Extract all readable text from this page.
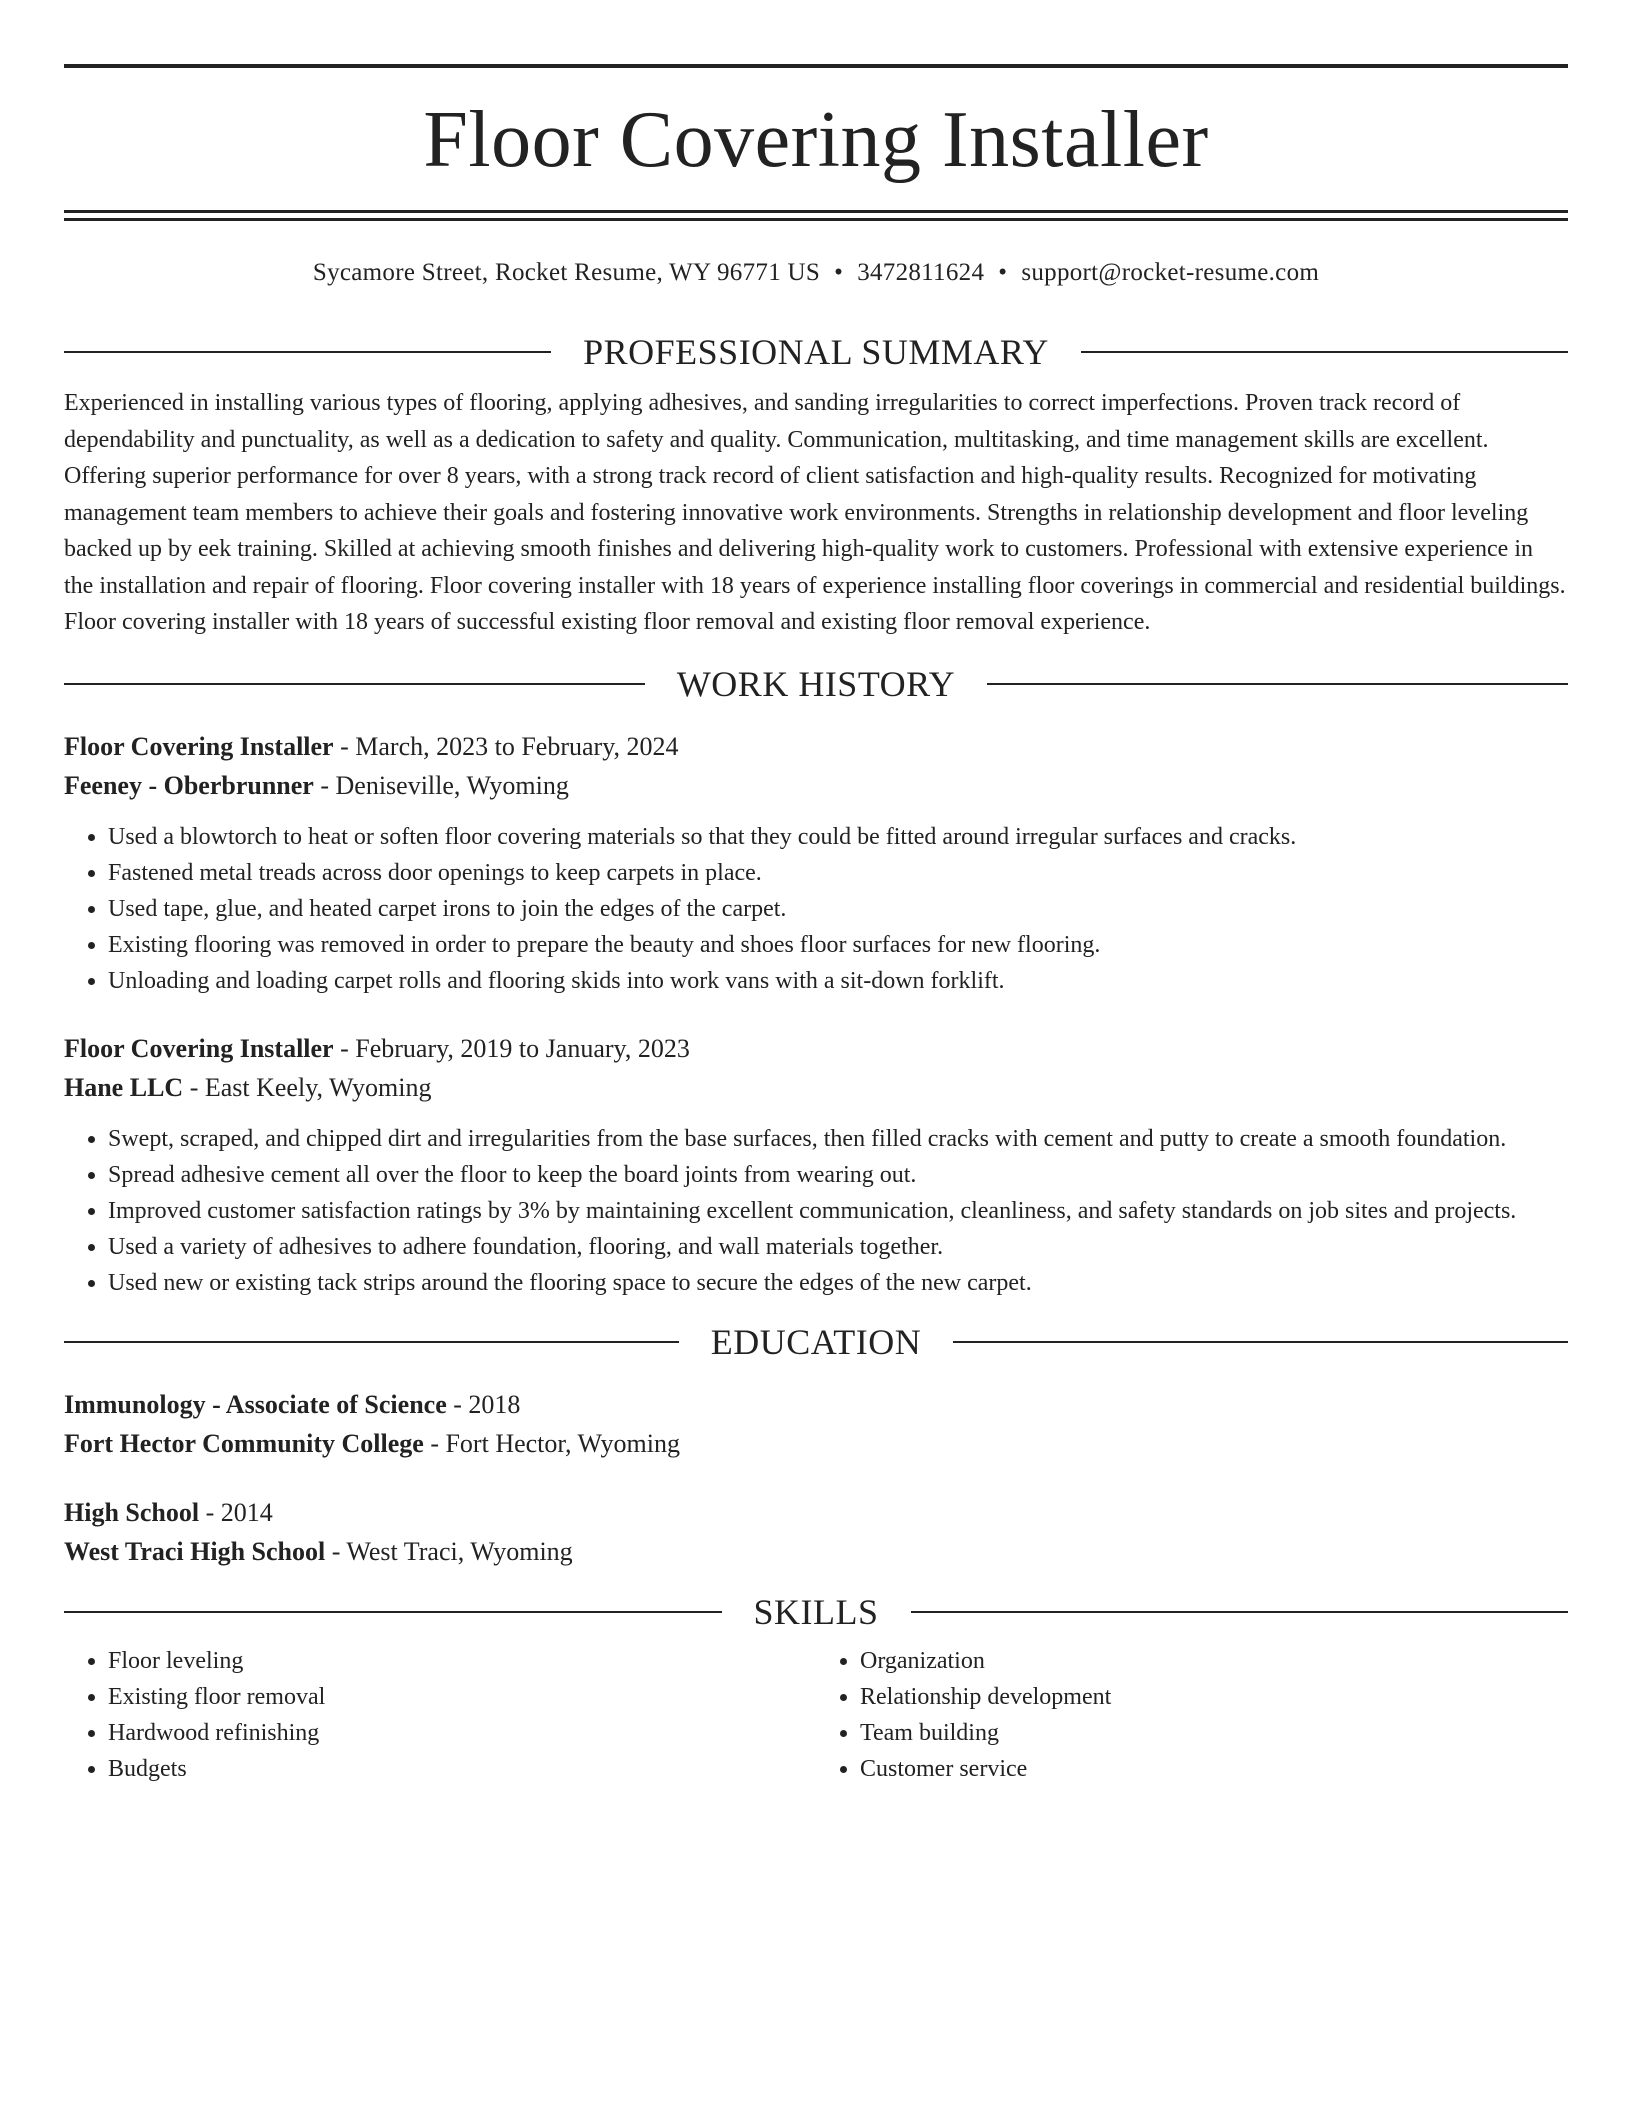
Floor Covering Installer
Sycamore Street, Rocket Resume, WY 96771 US • 3472811624 • support@rocket-resume.com
PROFESSIONAL SUMMARY
Experienced in installing various types of flooring, applying adhesives, and sanding irregularities to correct imperfections. Proven track record of dependability and punctuality, as well as a dedication to safety and quality. Communication, multitasking, and time management skills are excellent. Offering superior performance for over 8 years, with a strong track record of client satisfaction and high-quality results. Recognized for motivating management team members to achieve their goals and fostering innovative work environments. Strengths in relationship development and floor leveling backed up by eek training. Skilled at achieving smooth finishes and delivering high-quality work to customers. Professional with extensive experience in the installation and repair of flooring. Floor covering installer with 18 years of experience installing floor coverings in commercial and residential buildings. Floor covering installer with 18 years of successful existing floor removal and existing floor removal experience.
WORK HISTORY
Floor Covering Installer - March, 2023 to February, 2024
Feeney - Oberbrunner - Deniseville, Wyoming
• Used a blowtorch to heat or soften floor covering materials so that they could be fitted around irregular surfaces and cracks.
• Fastened metal treads across door openings to keep carpets in place.
• Used tape, glue, and heated carpet irons to join the edges of the carpet.
• Existing flooring was removed in order to prepare the beauty and shoes floor surfaces for new flooring.
• Unloading and loading carpet rolls and flooring skids into work vans with a sit-down forklift.
Floor Covering Installer - February, 2019 to January, 2023
Hane LLC - East Keely, Wyoming
• Swept, scraped, and chipped dirt and irregularities from the base surfaces, then filled cracks with cement and putty to create a smooth foundation.
• Spread adhesive cement all over the floor to keep the board joints from wearing out.
• Improved customer satisfaction ratings by 3% by maintaining excellent communication, cleanliness, and safety standards on job sites and projects.
• Used a variety of adhesives to adhere foundation, flooring, and wall materials together.
• Used new or existing tack strips around the flooring space to secure the edges of the new carpet.
EDUCATION
Immunology - Associate of Science - 2018
Fort Hector Community College - Fort Hector, Wyoming
High School - 2014
West Traci High School - West Traci, Wyoming
SKILLS
• Floor leveling
• Existing floor removal
• Hardwood refinishing
• Budgets
• Organization
• Relationship development
• Team building
• Customer service
